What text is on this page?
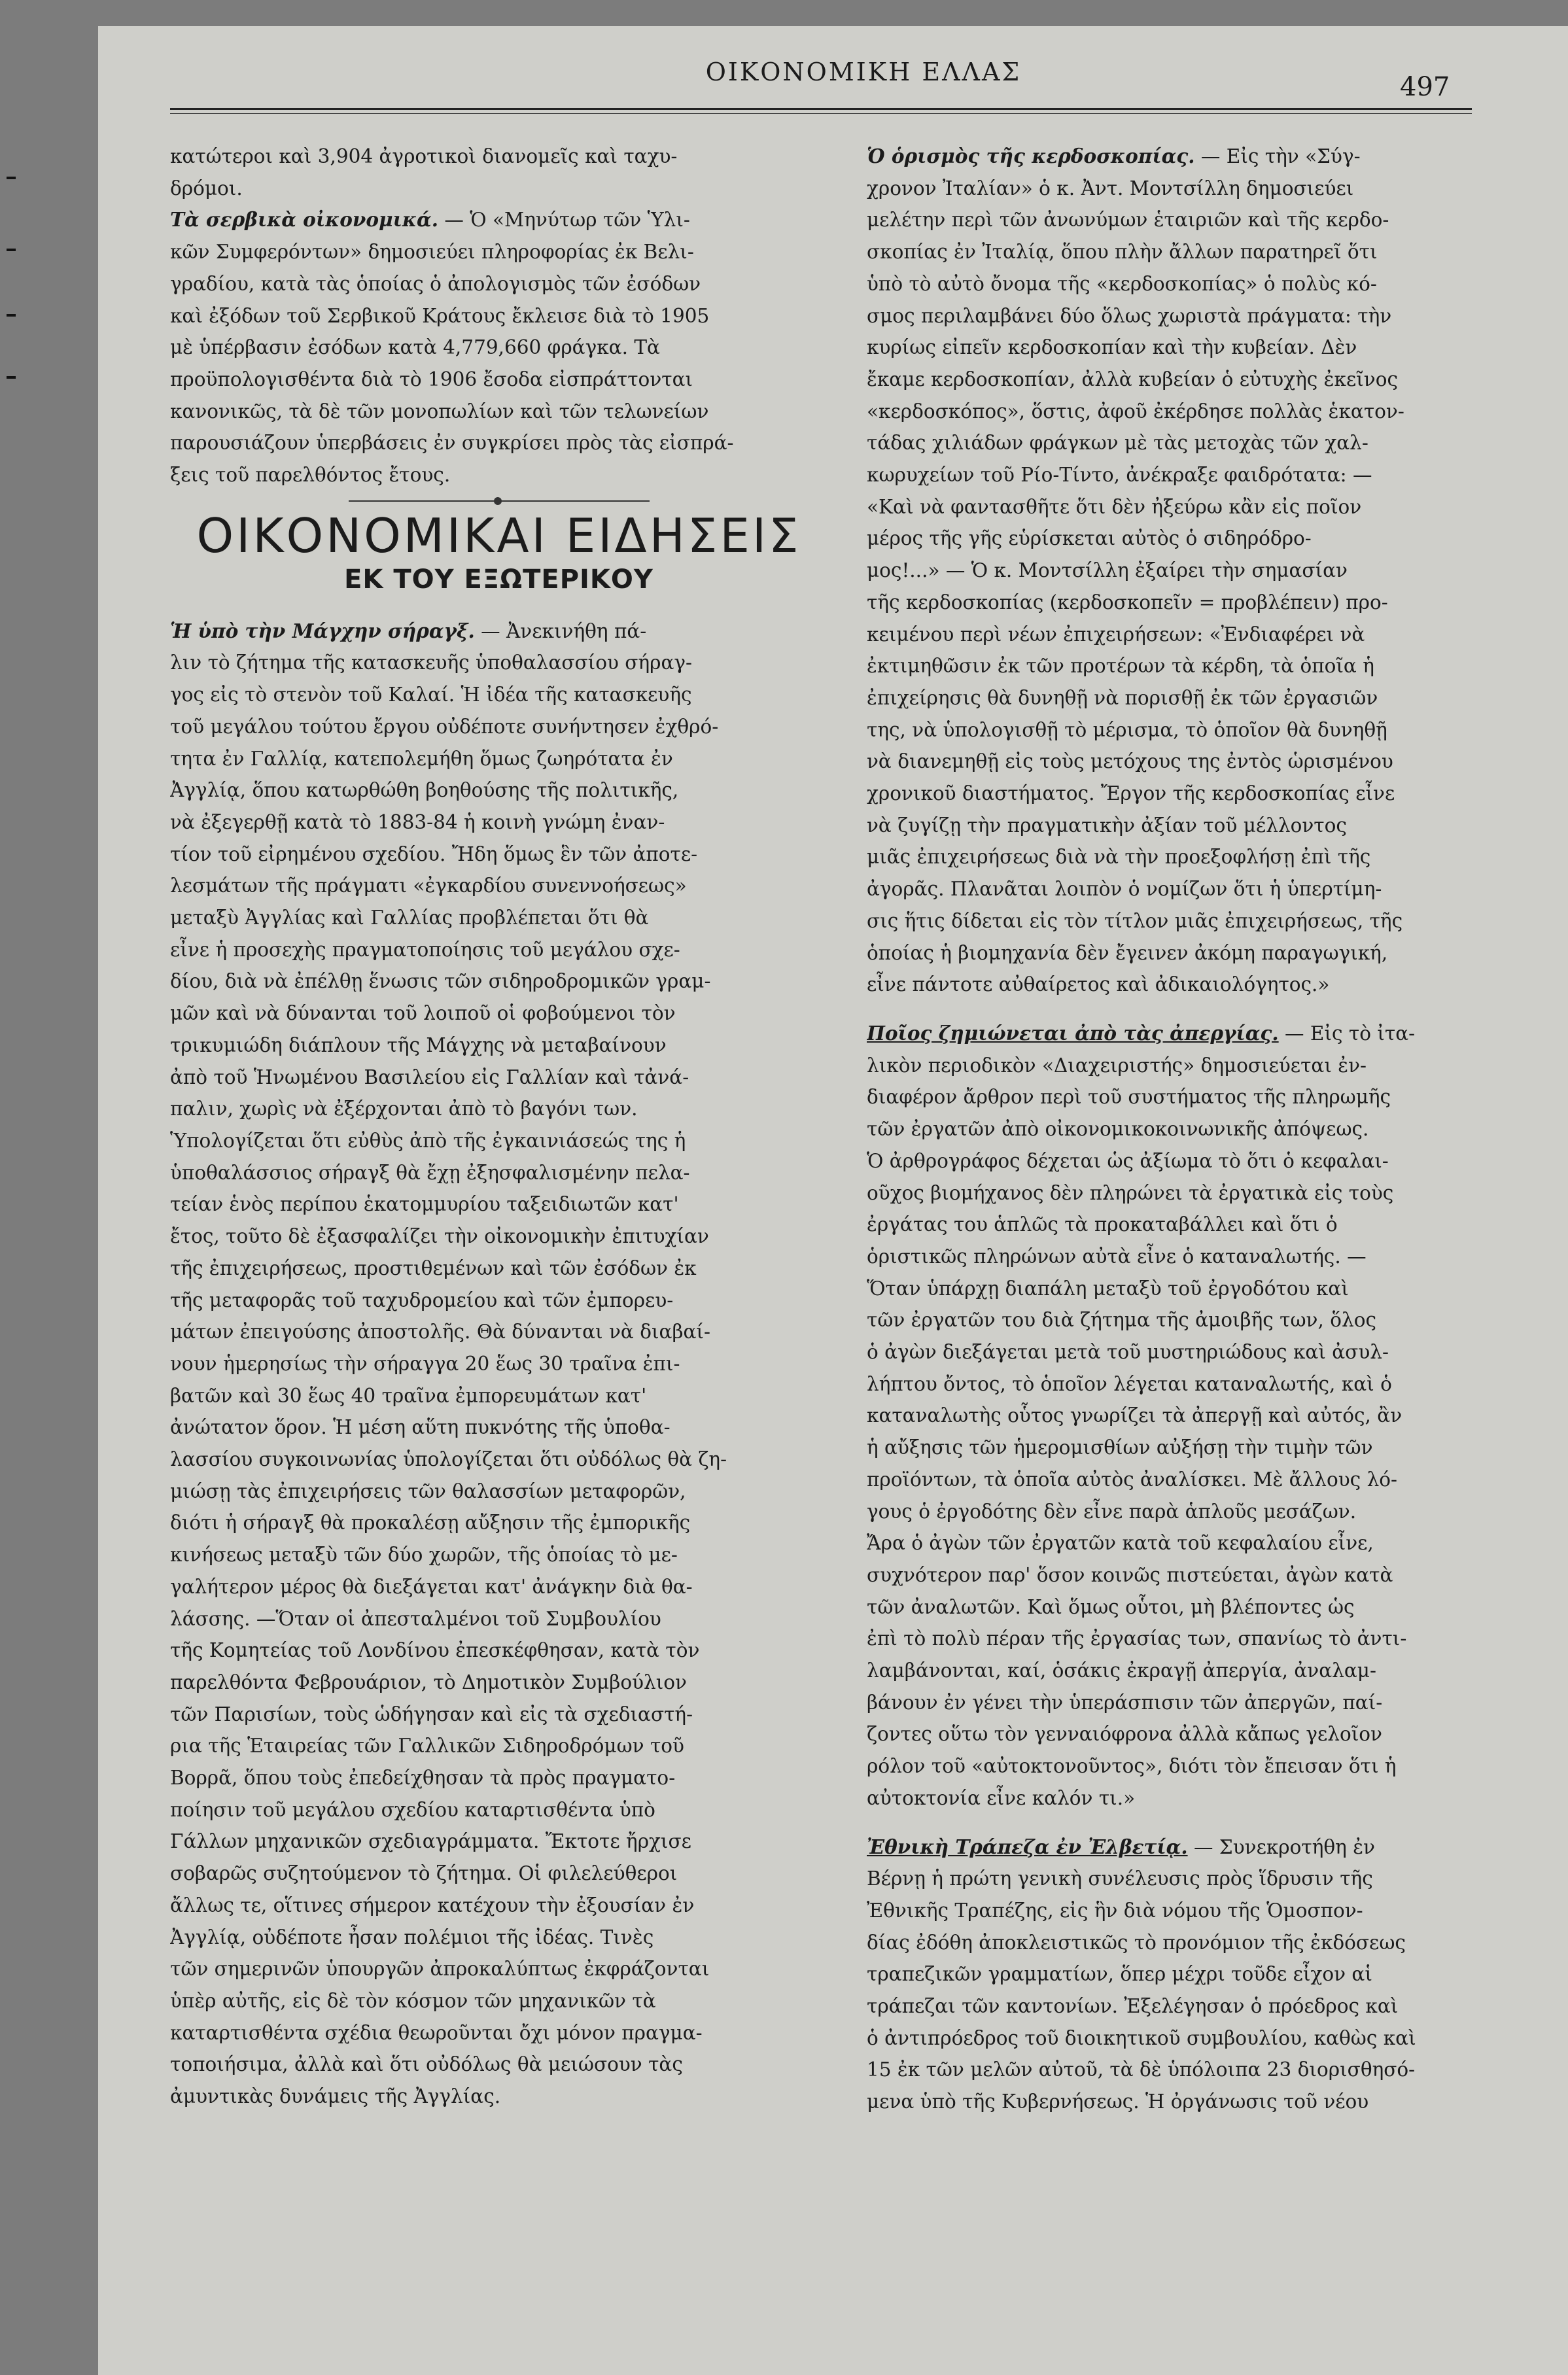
ΟΙΚΟΝΟΜΙΚΗ ΕΛΛΑΣ	497
κατώτεροι καὶ 3,904 ἀγροτικοὶ διανομεῖς καὶ ταχυ-
δρόμοι.
Τὰ σερβικὰ οἰκονομικά. — Ὁ «Μηνύτωρ τῶν Ὑλι-
κῶν Συμφερόντων» δημοσιεύει πληροφορίας ἐκ Βελι-
γραδίου, κατὰ τὰς ὁποίας ὁ ἀπολογισμὸς τῶν ἐσόδων
καὶ ἐξόδων τοῦ Σερβικοῦ Κράτους ἔκλεισε διὰ τὸ 1905
μὲ ὑπέρβασιν ἐσόδων κατὰ 4,779,660 φράγκα. Τὰ
προϋπολογισθέντα διὰ τὸ 1906 ἔσοδα εἰσπράττονται
κανονικῶς, τὰ δὲ τῶν μονοπωλίων καὶ τῶν τελωνείων
παρουσιάζουν ὑπερβάσεις ἐν συγκρίσει πρὸς τὰς εἰσπρά-
ξεις τοῦ παρελθόντος ἔτους.
ΟΙΚΟΝΟΜΙΚΑΙ ΕΙΔΗΣΕΙΣ
ΕΚ ΤΟΥ ΕΞΩΤΕΡΙΚΟΥ
Ἡ ὑπὸ τὴν Μάγχην σήραγξ. — Ἀνεκινήθη πά-
λιν τὸ ζήτημα τῆς κατασκευῆς ὑποθαλασσίου σήραγ-
γος εἰς τὸ στενὸν τοῦ Καλαί. Ἡ ἰδέα τῆς κατασκευῆς
τοῦ μεγάλου τούτου ἔργου οὐδέποτε συνήντησεν ἐχθρό-
τητα ἐν Γαλλίᾳ, κατεπολεμήθη ὅμως ζωηρότατα ἐν
Ἀγγλίᾳ, ὅπου κατωρθώθη βοηθούσης τῆς πολιτικῆς,
νὰ ἐξεγερθῇ κατὰ τὸ 1883-84 ἡ κοινὴ γνώμη ἐναν-
τίον τοῦ εἰρημένου σχεδίου. Ἤδη ὅμως ἓν τῶν ἀποτε-
λεσμάτων τῆς πράγματι «ἐγκαρδίου συνεννοήσεως»
μεταξὺ Ἀγγλίας καὶ Γαλλίας προβλέπεται ὅτι θὰ
εἶνε ἡ προσεχὴς πραγματοποίησις τοῦ μεγάλου σχε-
δίου, διὰ νὰ ἐπέλθῃ ἕνωσις τῶν σιδηροδρομικῶν γραμ-
μῶν καὶ νὰ δύνανται τοῦ λοιποῦ οἱ φοβούμενοι τὸν
τρικυμιώδη διάπλουν τῆς Μάγχης νὰ μεταβαίνουν
ἀπὸ τοῦ Ἡνωμένου Βασιλείου εἰς Γαλλίαν καὶ τἀνά-
παλιν, χωρὶς νὰ ἐξέρχονται ἀπὸ τὸ βαγόνι των.
Ὑπολογίζεται ὅτι εὐθὺς ἀπὸ τῆς ἐγκαινιάσεώς της ἡ
ὑποθαλάσσιος σήραγξ θὰ ἔχῃ ἐξησφαλισμένην πελα-
τείαν ἑνὸς περίπου ἑκατομμυρίου ταξειδιωτῶν κατ'
ἔτος, τοῦτο δὲ ἐξασφαλίζει τὴν οἰκονομικὴν ἐπιτυχίαν
τῆς ἐπιχειρήσεως, προστιθεμένων καὶ τῶν ἐσόδων ἐκ
τῆς μεταφορᾶς τοῦ ταχυδρομείου καὶ τῶν ἐμπορευ-
μάτων ἐπειγούσης ἀποστολῆς. Θὰ δύνανται νὰ διαβαί-
νουν ἡμερησίως τὴν σήραγγα 20 ἕως 30 τραῖνα ἐπι-
βατῶν καὶ 30 ἕως 40 τραῖνα ἐμπορευμάτων κατ'
ἀνώτατον ὅρον. Ἡ μέση αὕτη πυκνότης τῆς ὑποθα-
λασσίου συγκοινωνίας ὑπολογίζεται ὅτι οὐδόλως θὰ ζη-
μιώσῃ τὰς ἐπιχειρήσεις τῶν θαλασσίων μεταφορῶν,
διότι ἡ σήραγξ θὰ προκαλέσῃ αὔξησιν τῆς ἐμπορικῆς
κινήσεως μεταξὺ τῶν δύο χωρῶν, τῆς ὁποίας τὸ με-
γαλήτερον μέρος θὰ διεξάγεται κατ' ἀνάγκην διὰ θα-
λάσσης. —Ὅταν οἱ ἀπεσταλμένοι τοῦ Συμβουλίου
τῆς Κομητείας τοῦ Λονδίνου ἐπεσκέφθησαν, κατὰ τὸν
παρελθόντα Φεβρουάριον, τὸ Δημοτικὸν Συμβούλιον
τῶν Παρισίων, τοὺς ὡδήγησαν καὶ εἰς τὰ σχεδιαστή-
ρια τῆς Ἑταιρείας τῶν Γαλλικῶν Σιδηροδρόμων τοῦ
Βορρᾶ, ὅπου τοὺς ἐπεδείχθησαν τὰ πρὸς πραγματο-
ποίησιν τοῦ μεγάλου σχεδίου καταρτισθέντα ὑπὸ
Γάλλων μηχανικῶν σχεδιαγράμματα. Ἔκτοτε ἤρχισε
σοβαρῶς συζητούμενον τὸ ζήτημα. Οἱ φιλελεύθεροι
ἄλλως τε, οἵτινες σήμερον κατέχουν τὴν ἐξουσίαν ἐν
Ἀγγλίᾳ, οὐδέποτε ἦσαν πολέμιοι τῆς ἰδέας. Τινὲς
τῶν σημερινῶν ὑπουργῶν ἀπροκαλύπτως ἐκφράζονται
ὑπὲρ αὐτῆς, εἰς δὲ τὸν κόσμον τῶν μηχανικῶν τὰ
καταρτισθέντα σχέδια θεωροῦνται ὄχι μόνον πραγμα-
τοποιήσιμα, ἀλλὰ καὶ ὅτι οὐδόλως θὰ μειώσουν τὰς
ἀμυντικὰς δυνάμεις τῆς Ἀγγλίας.
Ὁ ὁρισμὸς τῆς κερδοσκοπίας. — Εἰς τὴν «Σύγ-
χρονον Ἰταλίαν» ὁ κ. Ἀντ. Μοντσίλλη δημοσιεύει
μελέτην περὶ τῶν ἀνωνύμων ἑταιριῶν καὶ τῆς κερδο-
σκοπίας ἐν Ἰταλίᾳ, ὅπου πλὴν ἄλλων παρατηρεῖ ὅτι
ὑπὸ τὸ αὐτὸ ὄνομα τῆς «κερδοσκοπίας» ὁ πολὺς κό-
σμος περιλαμβάνει δύο ὅλως χωριστὰ πράγματα: τὴν
κυρίως εἰπεῖν κερδοσκοπίαν καὶ τὴν κυβείαν. Δὲν
ἔκαμε κερδοσκοπίαν, ἀλλὰ κυβείαν ὁ εὐτυχὴς ἐκεῖνος
«κερδοσκόπος», ὅστις, ἀφοῦ ἐκέρδησε πολλὰς ἑκατον-
τάδας χιλιάδων φράγκων μὲ τὰς μετοχὰς τῶν χαλ-
κωρυχείων τοῦ Ρίο-Τίντο, ἀνέκραξε φαιδρότατα: —
«Καὶ νὰ φαντασθῆτε ὅτι δὲν ἠξεύρω κἂν εἰς ποῖον
μέρος τῆς γῆς εὑρίσκεται αὐτὸς ὁ σιδηρόδρο-
μος!...» — Ὁ κ. Μοντσίλλη ἐξαίρει τὴν σημασίαν
τῆς κερδοσκοπίας (κερδοσκοπεῖν = προβλέπειν) προ-
κειμένου περὶ νέων ἐπιχειρήσεων: «Ἐνδιαφέρει νὰ
ἐκτιμηθῶσιν ἐκ τῶν προτέρων τὰ κέρδη, τὰ ὁποῖα ἡ
ἐπιχείρησις θὰ δυνηθῇ νὰ πορισθῇ ἐκ τῶν ἐργασιῶν
της, νὰ ὑπολογισθῇ τὸ μέρισμα, τὸ ὁποῖον θὰ δυνηθῇ
νὰ διανεμηθῇ εἰς τοὺς μετόχους της ἐντὸς ὡρισμένου
χρονικοῦ διαστήματος. Ἔργον τῆς κερδοσκοπίας εἶνε
νὰ ζυγίζῃ τὴν πραγματικὴν ἀξίαν τοῦ μέλλοντος
μιᾶς ἐπιχειρήσεως διὰ νὰ τὴν προεξοφλήσῃ ἐπὶ τῆς
ἀγορᾶς. Πλανᾶται λοιπὸν ὁ νομίζων ὅτι ἡ ὑπερτίμη-
σις ἥτις δίδεται εἰς τὸν τίτλον μιᾶς ἐπιχειρήσεως, τῆς
ὁποίας ἡ βιομηχανία δὲν ἔγεινεν ἀκόμη παραγωγική,
εἶνε πάντοτε αὐθαίρετος καὶ ἀδικαιολόγητος.»
Ποῖος ζημιώνεται ἀπὸ τὰς ἀπεργίας. — Εἰς τὸ ἰτα-
λικὸν περιοδικὸν «Διαχειριστής» δημοσιεύεται ἐν-
διαφέρον ἄρθρον περὶ τοῦ συστήματος τῆς πληρωμῆς
τῶν ἐργατῶν ἀπὸ οἰκονομικοκοινωνικῆς ἀπόψεως.
Ὁ ἀρθρογράφος δέχεται ὡς ἀξίωμα τὸ ὅτι ὁ κεφαλαι-
οῦχος βιομήχανος δὲν πληρώνει τὰ ἐργατικὰ εἰς τοὺς
ἐργάτας του ἁπλῶς τὰ προκαταβάλλει καὶ ὅτι ὁ
ὁριστικῶς πληρώνων αὐτὰ εἶνε ὁ καταναλωτής. —
Ὅταν ὑπάρχῃ διαπάλη μεταξὺ τοῦ ἐργοδότου καὶ
τῶν ἐργατῶν του διὰ ζήτημα τῆς ἀμοιβῆς των, ὅλος
ὁ ἀγὼν διεξάγεται μετὰ τοῦ μυστηριώδους καὶ ἀσυλ-
λήπτου ὄντος, τὸ ὁποῖον λέγεται καταναλωτής, καὶ ὁ
καταναλωτὴς οὗτος γνωρίζει τὰ ἀπεργῇ καὶ αὐτός, ἂν
ἡ αὔξησις τῶν ἡμερομισθίων αὐξήσῃ τὴν τιμὴν τῶν
προϊόντων, τὰ ὁποῖα αὐτὸς ἀναλίσκει. Μὲ ἄλλους λό-
γους ὁ ἐργοδότης δὲν εἶνε παρὰ ἁπλοῦς μεσάζων.
Ἄρα ὁ ἀγὼν τῶν ἐργατῶν κατὰ τοῦ κεφαλαίου εἶνε,
συχνότερον παρ' ὅσον κοινῶς πιστεύεται, ἀγὼν κατὰ
τῶν ἀναλωτῶν. Καὶ ὅμως οὗτοι, μὴ βλέποντες ὡς
ἐπὶ τὸ πολὺ πέραν τῆς ἐργασίας των, σπανίως τὸ ἀντι-
λαμβάνονται, καί, ὁσάκις ἐκραγῇ ἀπεργία, ἀναλαμ-
βάνουν ἐν γένει τὴν ὑπεράσπισιν τῶν ἀπεργῶν, παί-
ζοντες οὕτω τὸν γενναιόφρονα ἀλλὰ κἄπως γελοῖον
ρόλον τοῦ «αὐτοκτονοῦντος», διότι τὸν ἔπεισαν ὅτι ἡ
αὐτοκτονία εἶνε καλόν τι.»
Ἐθνικὴ Τράπεζα ἐν Ἐλβετίᾳ. — Συνεκροτήθη ἐν
Βέρνῃ ἡ πρώτη γενικὴ συνέλευσις πρὸς ἵδρυσιν τῆς
Ἐθνικῆς Τραπέζης, εἰς ἣν διὰ νόμου τῆς Ὁμοσπον-
δίας ἐδόθη ἀποκλειστικῶς τὸ προνόμιον τῆς ἐκδόσεως
τραπεζικῶν γραμματίων, ὅπερ μέχρι τοῦδε εἶχον αἱ
τράπεζαι τῶν καντονίων. Ἐξελέγησαν ὁ πρόεδρος καὶ
ὁ ἀντιπρόεδρος τοῦ διοικητικοῦ συμβουλίου, καθὼς καὶ
15 ἐκ τῶν μελῶν αὐτοῦ, τὰ δὲ ὑπόλοιπα 23 διορισθησό-
μενα ὑπὸ τῆς Κυβερνήσεως. Ἡ ὀργάνωσις τοῦ νέου
